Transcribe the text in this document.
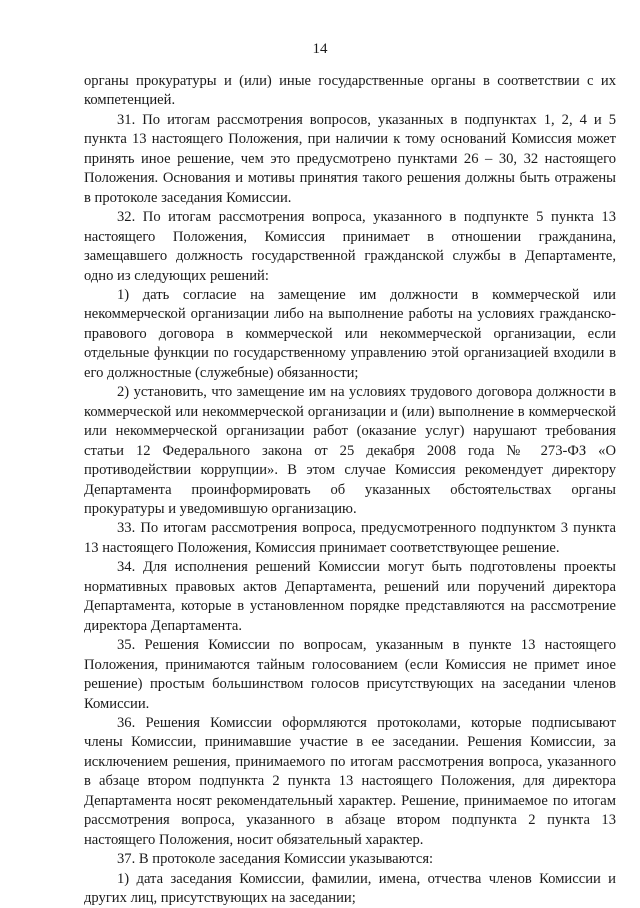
14

органы прокуратуры и (или) иные государственные органы в соответствии с их компетенцией.

31. По итогам рассмотрения вопросов, указанных в подпунктах 1, 2, 4 и 5 пункта 13 настоящего Положения, при наличии к тому оснований Комиссия может принять иное решение, чем это предусмотрено пунктами 26 – 30, 32 настоящего Положения. Основания и мотивы принятия такого решения должны быть отражены в протоколе заседания Комиссии.

32. По итогам рассмотрения вопроса, указанного в подпункте 5 пункта 13 настоящего Положения, Комиссия принимает в отношении гражданина, замещавшего должность государственной гражданской службы в Департаменте, одно из следующих решений:

1) дать согласие на замещение им должности в коммерческой или некоммерческой организации либо на выполнение работы на условиях гражданско-правового договора в коммерческой или некоммерческой организации, если отдельные функции по государственному управлению этой организацией входили в его должностные (служебные) обязанности;

2) установить, что замещение им на условиях трудового договора должности в коммерческой или некоммерческой организации и (или) выполнение в коммерческой или некоммерческой организации работ (оказание услуг) нарушают требования статьи 12 Федерального закона от 25 декабря 2008 года № 273-ФЗ «О противодействии коррупции». В этом случае Комиссия рекомендует директору Департамента проинформировать об указанных обстоятельствах органы прокуратуры и уведомившую организацию.

33. По итогам рассмотрения вопроса, предусмотренного подпунктом 3 пункта 13 настоящего Положения, Комиссия принимает соответствующее решение.

34. Для исполнения решений Комиссии могут быть подготовлены проекты нормативных правовых актов Департамента, решений или поручений директора Департамента, которые в установленном порядке представляются на рассмотрение директора Департамента.

35. Решения Комиссии по вопросам, указанным в пункте 13 настоящего Положения, принимаются тайным голосованием (если Комиссия не примет иное решение) простым большинством голосов присутствующих на заседании членов Комиссии.

36. Решения Комиссии оформляются протоколами, которые подписывают члены Комиссии, принимавшие участие в ее заседании. Решения Комиссии, за исключением решения, принимаемого по итогам рассмотрения вопроса, указанного в абзаце втором подпункта 2 пункта 13 настоящего Положения, для директора Департамента носят рекомендательный характер. Решение, принимаемое по итогам рассмотрения вопроса, указанного в абзаце втором подпункта 2 пункта 13 настоящего Положения, носит обязательный характер.

37. В протоколе заседания Комиссии указываются:

1) дата заседания Комиссии, фамилии, имена, отчества членов Комиссии и других лиц, присутствующих на заседании;
